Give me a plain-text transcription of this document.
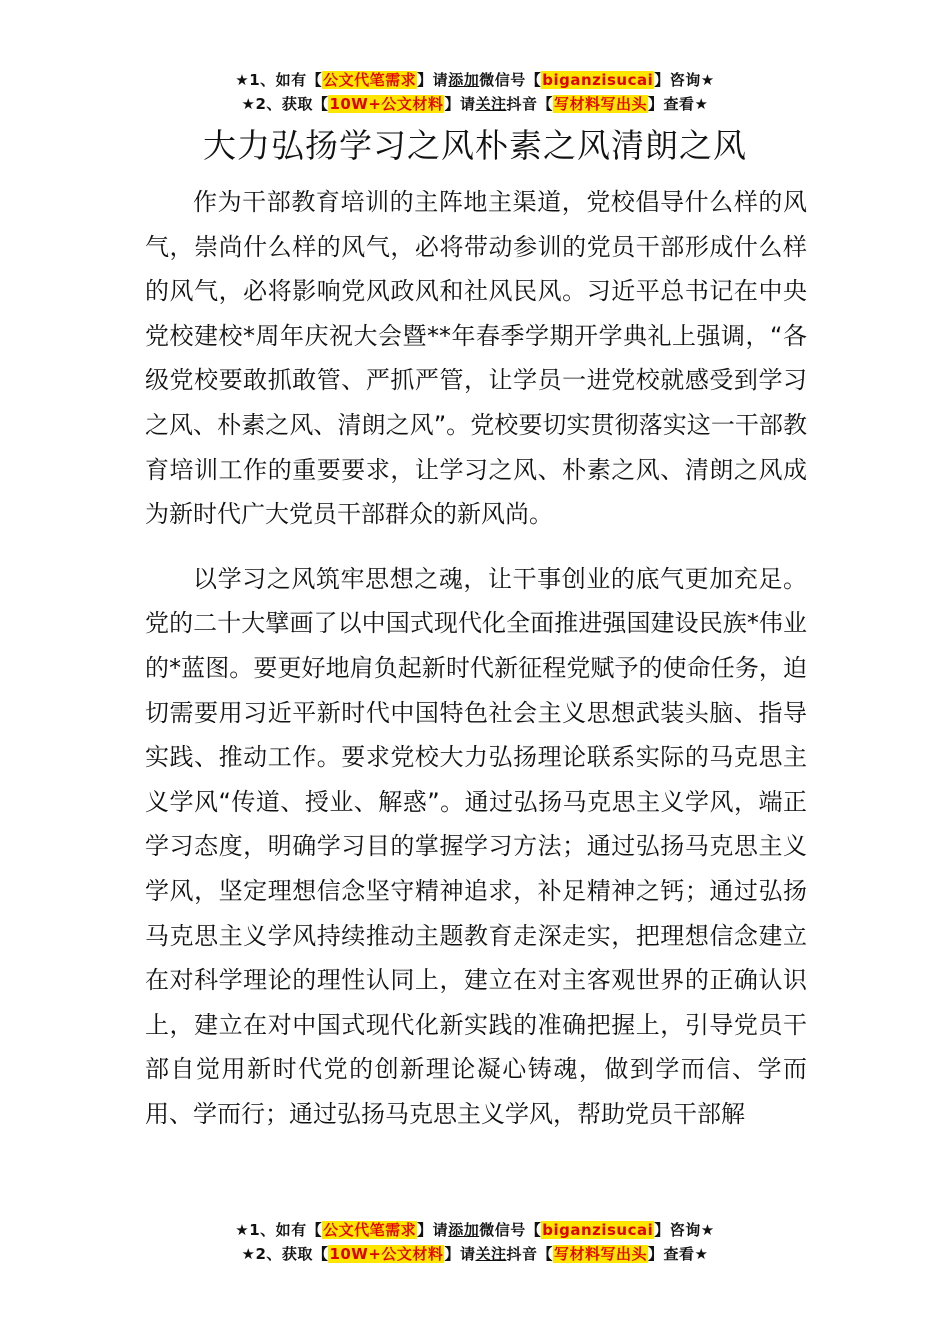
★1、如有【公文代笔需求】请添加微信号【biganzisucai】咨询★
★2、获取【10W+公文材料】请关注抖音【写材料写出头】查看★
大力弘扬学习之风朴素之风清朗之风

作为干部教育培训的主阵地主渠道，党校倡导什么样的风气，崇尚什么样的风气，必将带动参训的党员干部形成什么样的风气，必将影响党风政风和社风民风。习近平总书记在中央党校建校*周年庆祝大会暨**年春季学期开学典礼上强调，“各级党校要敢抓敢管、严抓严管，让学员一进党校就感受到学习之风、朴素之风、清朗之风”。党校要切实贯彻落实这一干部教育培训工作的重要要求，让学习之风、朴素之风、清朗之风成为新时代广大党员干部群众的新风尚。

以学习之风筑牢思想之魂，让干事创业的底气更加充足。党的二十大擘画了以中国式现代化全面推进强国建设民族*伟业的*蓝图。要更好地肩负起新时代新征程党赋予的使命任务，迫切需要用习近平新时代中国特色社会主义思想武装头脑、指导实践、推动工作。要求党校大力弘扬理论联系实际的马克思主义学风“传道、授业、解惑”。通过弘扬马克思主义学风，端正学习态度，明确学习目的掌握学习方法；通过弘扬马克思主义学风，坚定理想信念坚守精神追求，补足精神之钙；通过弘扬马克思主义学风持续推动主题教育走深走实，把理想信念建立在对科学理论的理性认同上，建立在对主客观世界的正确认识上，建立在对中国式现代化新实践的准确把握上，引导党员干部自觉用新时代党的创新理论凝心铸魂，做到学而信、学而用、学而行；通过弘扬马克思主义学风，帮助党员干部解

★1、如有【公文代笔需求】请添加微信号【biganzisucai】咨询★
★2、获取【10W+公文材料】请关注抖音【写材料写出头】查看★
